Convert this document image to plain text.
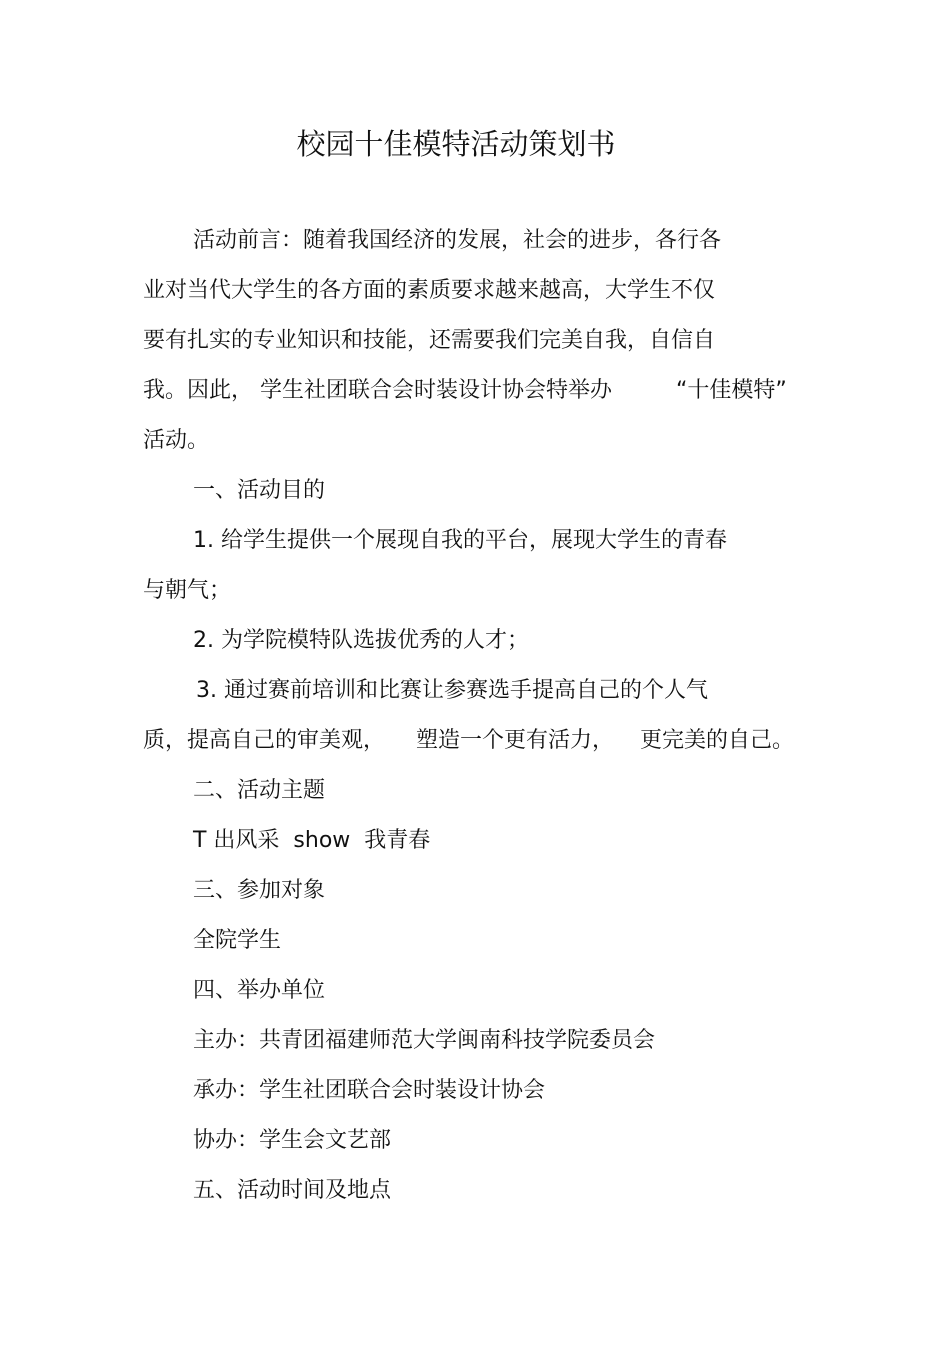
校园十佳模特活动策划书
活动前言：随着我国经济的发展，社会的进步，各行各
业对当代大学生的各方面的素质要求越来越高，大学生不仅
要有扎实的专业知识和技能，还需要我们完美自我，自信自
我。因此， 学生社团联合会时装设计协会特举办	“十佳模特”
活动。
一、活动目的
1. 给学生提供一个展现自我的平台，展现大学生的青春
与朝气；
2. 为学院模特队选拔优秀的人才；
3. 通过赛前培训和比赛让参赛选手提高自己的个人气
质，提高自己的审美观， 塑造一个更有活力， 更完美的自己。
二、活动主题
T 出风采  show  我青春
三、参加对象
全院学生
四、举办单位
主办：共青团福建师范大学闽南科技学院委员会
承办：学生社团联合会时装设计协会
协办：学生会文艺部
五、活动时间及地点
